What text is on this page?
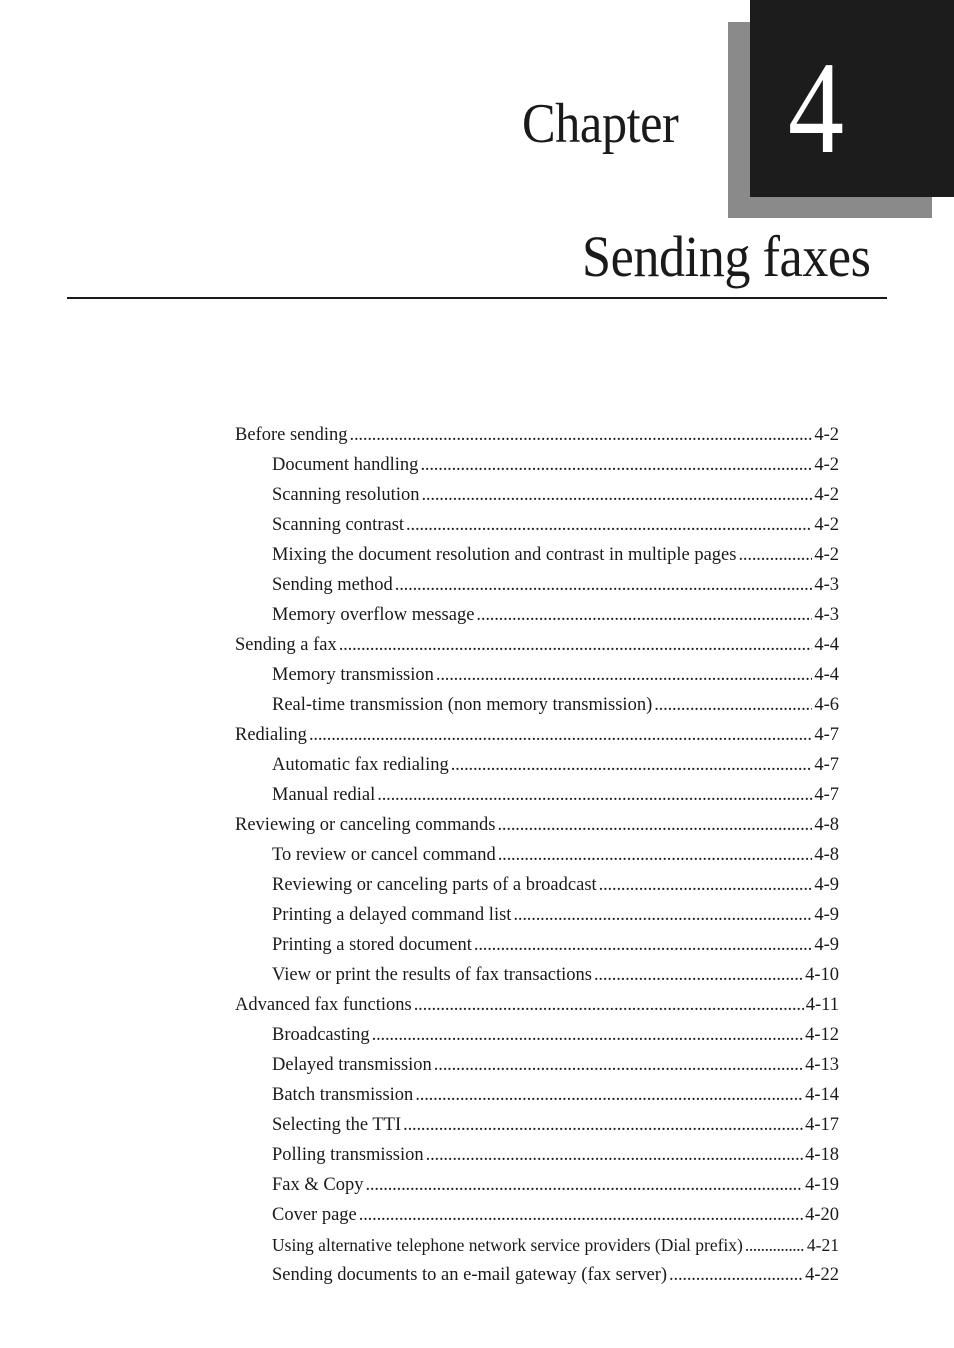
Chapter 4
Sending faxes
Before sending . . .	4-2
Document handling . . .	4-2
Scanning resolution . . .	4-2
Scanning contrast . . .	4-2
Mixing the document resolution and contrast in multiple pages . . .	4-2
Sending method . . .	4-3
Memory overflow message . . .	4-3
Sending a fax . . .	4-4
Memory transmission . . .	4-4
Real-time transmission (non memory transmission) . . .	4-6
Redialing . . .	4-7
Automatic fax redialing . . .	4-7
Manual redial . . .	4-7
Reviewing or canceling commands . . .	4-8
To review or cancel command . . .	4-8
Reviewing or canceling parts of a broadcast . . .	4-9
Printing a delayed command list . . .	4-9
Printing a stored document . . .	4-9
View or print the results of fax transactions . . .	4-10
Advanced fax functions . . .	4-11
Broadcasting . . .	4-12
Delayed transmission . . .	4-13
Batch transmission . . .	4-14
Selecting the TTI . . .	4-17
Polling transmission . . .	4-18
Fax & Copy . . .	4-19
Cover page . . .	4-20
Using alternative telephone network service providers (Dial prefix) . . .	4-21
Sending documents to an e-mail gateway (fax server) . . .	4-22
